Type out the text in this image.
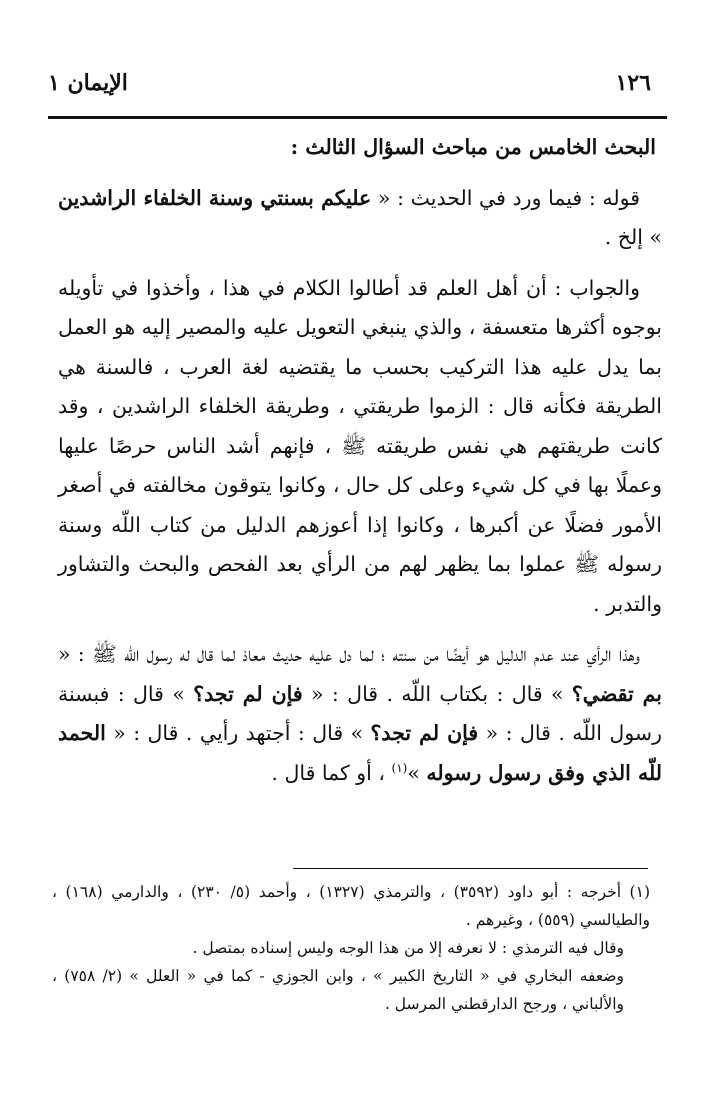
١٢٦
الإيمان ١

البحث الخامس من مباحث السؤال الثالث :

قوله : فيما ورد في الحديث : « عليكم بسنتي وسنة الخلفاء الراشدين » إلخ .

والجواب : أن أهل العلم قد أطالوا الكلام في هذا ، وأخذوا في تأويله بوجوه أكثرها متعسفة ، والذي ينبغي التعويل عليه والمصير إليه هو العمل بما يدل عليه هذا التركيب بحسب ما يقتضيه لغة العرب ، فالسنة هي الطريقة فكأنه قال : الزموا طريقتي ، وطريقة الخلفاء الراشدين ، وقد كانت طريقتهم هي نفس طريقته ﷺ ، فإنهم أشد الناس حرصًا عليها وعملًا بها في كل شيء وعلى كل حال ، وكانوا يتوقون مخالفته في أصغر الأمور فضلًا عن أكبرها ، وكانوا إذا أعوزهم الدليل من كتاب اللّه وسنة رسوله ﷺ عملوا بما يظهر لهم من الرأي بعد الفحص والبحث والتشاور والتدبر .

وهذا الرأي عند عدم الدليل هو أيضًا من سنته ؛ لما دل عليه حديث معاذ لما قال له رسول اللّه ﷺ : « بم تقضي؟ » قال : بكتاب اللّه . قال : « فإن لم تجد؟ » قال : فبسنة رسول اللّه . قال : « فإن لم تجد؟ » قال : أجتهد رأيي . قال : « الحمد للّه الذي وفق رسول رسوله »$^{(١)}$ ، أو كما قال .

(١) أخرجه : أبو داود (٣٥٩٢) ، والترمذي (١٣٢٧) ، وأحمد (٥/ ٢٣٠) ، والدارمي (١٦٨) ، والطيالسي (٥٥٩) ، وغيرهم .

وقال فيه الترمذي : لا نعرفه إلا من هذا الوجه وليس إسناده بمتصل .

وضعفه البخاري في « التاريخ الكبير » ، وابن الجوزي - كما في « العلل » (٢/ ٧٥٨) ، والألباني ، ورجح الدارقطني المرسل .
